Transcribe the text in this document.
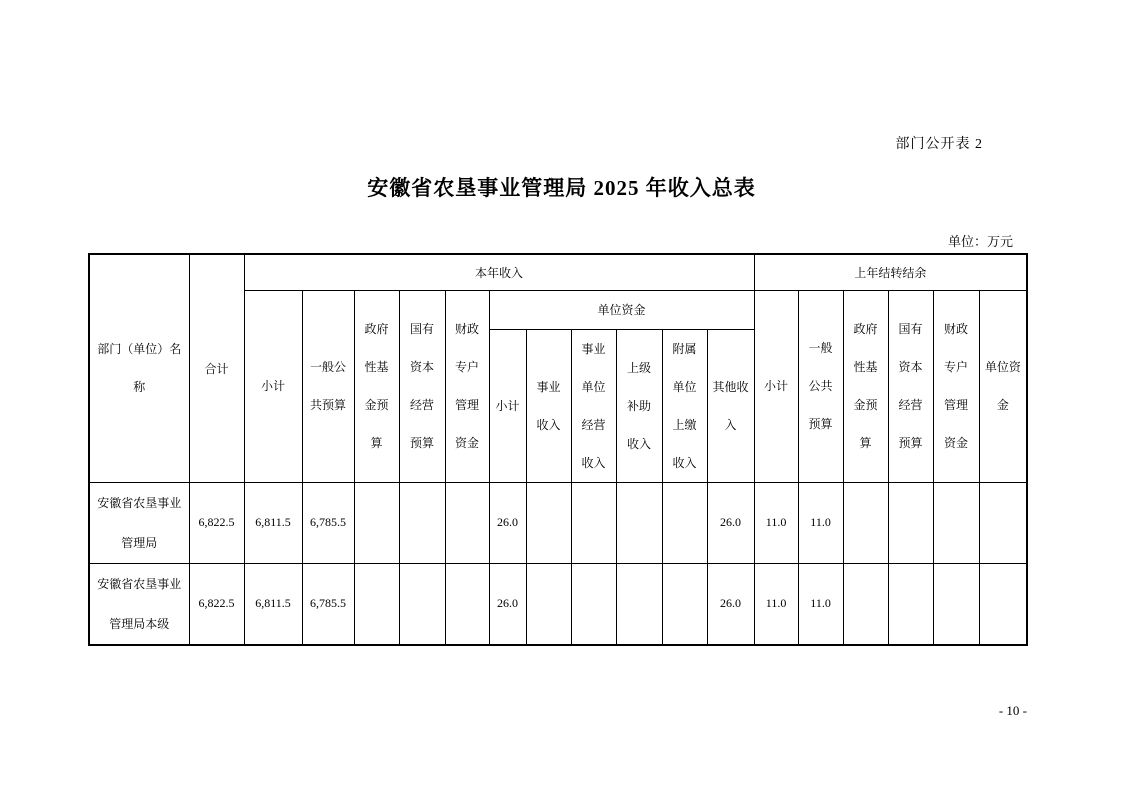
部门公开表 2
安徽省农垦事业管理局 2025 年收入总表
单位：万元
部门（单位）名称	合计	本年收入											上年结转结余					
		小计	一般公共预算	政府性基金预算	国有资本经营预算	财政专户管理资金	单位资金						小计	一般公共预算	政府性基金预算	国有资本经营预算	财政专户管理资金	单位资金
							小计	事业收入	事业单位经营收入	上级补助收入	附属单位上缴收入	其他收入						
安徽省农垦事业管理局	6,822.5	6,811.5	6,785.5				26.0					26.0	11.0	11.0				
安徽省农垦事业管理局本级	6,822.5	6,811.5	6,785.5				26.0					26.0	11.0	11.0				
- 10 -
